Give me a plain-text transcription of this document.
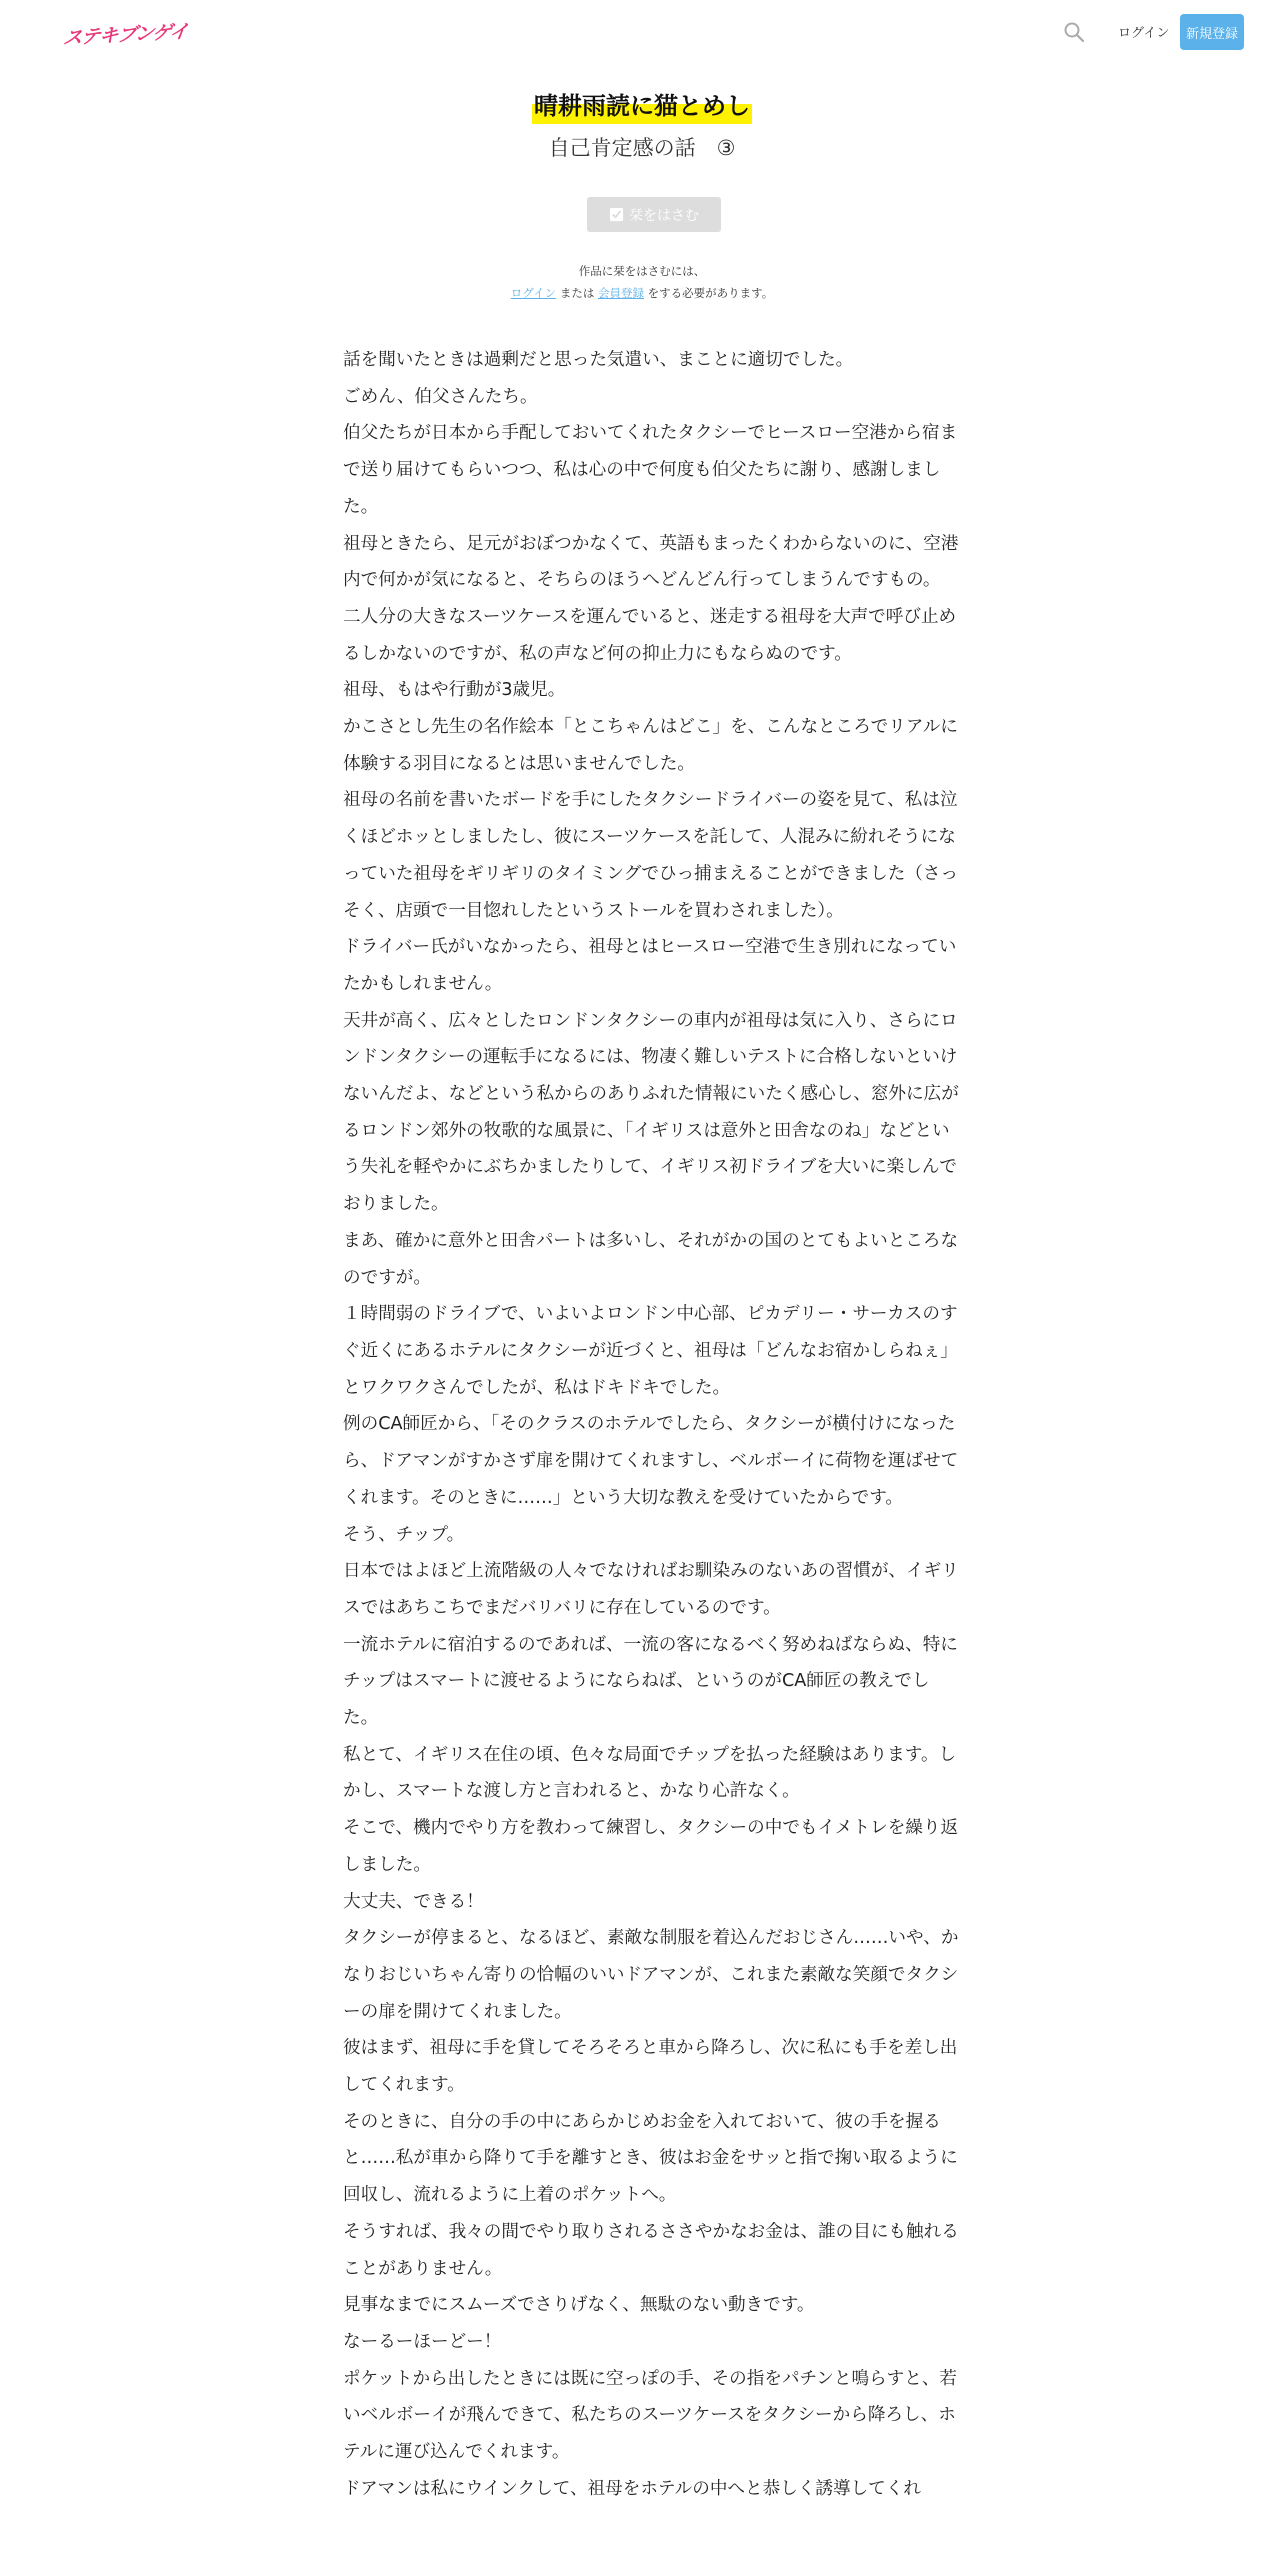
ステキブンゲイ	ログイン	新規登録
晴耕雨読に猫とめし
自己肯定感の話　③
栞をはさむ
作品に栞をはさむには、
ログイン または 会員登録 をする必要があります。

話を聞いたときは過剰だと思った気遣い、まことに適切でした。

ごめん、伯父さんたち。

伯父たちが日本から手配しておいてくれたタクシーでヒースロー空港から宿まで送り届けてもらいつつ、私は心の中で何度も伯父たちに謝り、感謝しました。

祖母ときたら、足元がおぼつかなくて、英語もまったくわからないのに、空港内で何かが気になると、そちらのほうへどんどん行ってしまうんですもの。

二人分の大きなスーツケースを運んでいると、迷走する祖母を大声で呼び止めるしかないのですが、私の声など何の抑止力にもならぬのです。

祖母、もはや行動が3歳児。

かこさとし先生の名作絵本「とこちゃんはどこ」を、こんなところでリアルに体験する羽目になるとは思いませんでした。

祖母の名前を書いたボードを手にしたタクシードライバーの姿を見て、私は泣くほどホッとしましたし、彼にスーツケースを託して、人混みに紛れそうになっていた祖母をギリギリのタイミングでひっ捕まえることができました（さっそく、店頭で一目惚れしたというストールを買わされました）。

ドライバー氏がいなかったら、祖母とはヒースロー空港で生き別れになっていたかもしれません。

天井が高く、広々としたロンドンタクシーの車内が祖母は気に入り、さらにロンドンタクシーの運転手になるには、物凄く難しいテストに合格しないといけないんだよ、などという私からのありふれた情報にいたく感心し、窓外に広がるロンドン郊外の牧歌的な風景に、「イギリスは意外と田舎なのね」などという失礼を軽やかにぶちかましたりして、イギリス初ドライブを大いに楽しんでおりました。

まあ、確かに意外と田舎パートは多いし、それがかの国のとてもよいところなのですが。

１時間弱のドライブで、いよいよロンドン中心部、ピカデリー・サーカスのすぐ近くにあるホテルにタクシーが近づくと、祖母は「どんなお宿かしらねぇ」とワクワクさんでしたが、私はドキドキでした。

例のCA師匠から、「そのクラスのホテルでしたら、タクシーが横付けになったら、ドアマンがすかさず扉を開けてくれますし、ベルボーイに荷物を運ばせてくれます。そのときに……」という大切な教えを受けていたからです。

そう、チップ。

日本ではよほど上流階級の人々でなければお馴染みのないあの習慣が、イギリスではあちこちでまだバリバリに存在しているのです。

一流ホテルに宿泊するのであれば、一流の客になるべく努めねばならぬ、特にチップはスマートに渡せるようにならねば、というのがCA師匠の教えでした。

私とて、イギリス在住の頃、色々な局面でチップを払った経験はあります。しかし、スマートな渡し方と言われると、かなり心許なく。

そこで、機内でやり方を教わって練習し、タクシーの中でもイメトレを繰り返しました。

大丈夫、できる！

タクシーが停まると、なるほど、素敵な制服を着込んだおじさん……いや、かなりおじいちゃん寄りの恰幅のいいドアマンが、これまた素敵な笑顔でタクシーの扉を開けてくれました。

彼はまず、祖母に手を貸してそろそろと車から降ろし、次に私にも手を差し出してくれます。

そのときに、自分の手の中にあらかじめお金を入れておいて、彼の手を握ると……私が車から降りて手を離すとき、彼はお金をサッと指で掬い取るように回収し、流れるように上着のポケットへ。

そうすれば、我々の間でやり取りされるささやかなお金は、誰の目にも触れることがありません。

見事なまでにスムーズでさりげなく、無駄のない動きです。

なーるーほーどー！

ポケットから出したときには既に空っぽの手、その指をパチンと鳴らすと、若いベルボーイが飛んできて、私たちのスーツケースをタクシーから降ろし、ホテルに運び込んでくれます。

ドアマンは私にウインクして、祖母をホテルの中へと恭しく誘導してくれ
